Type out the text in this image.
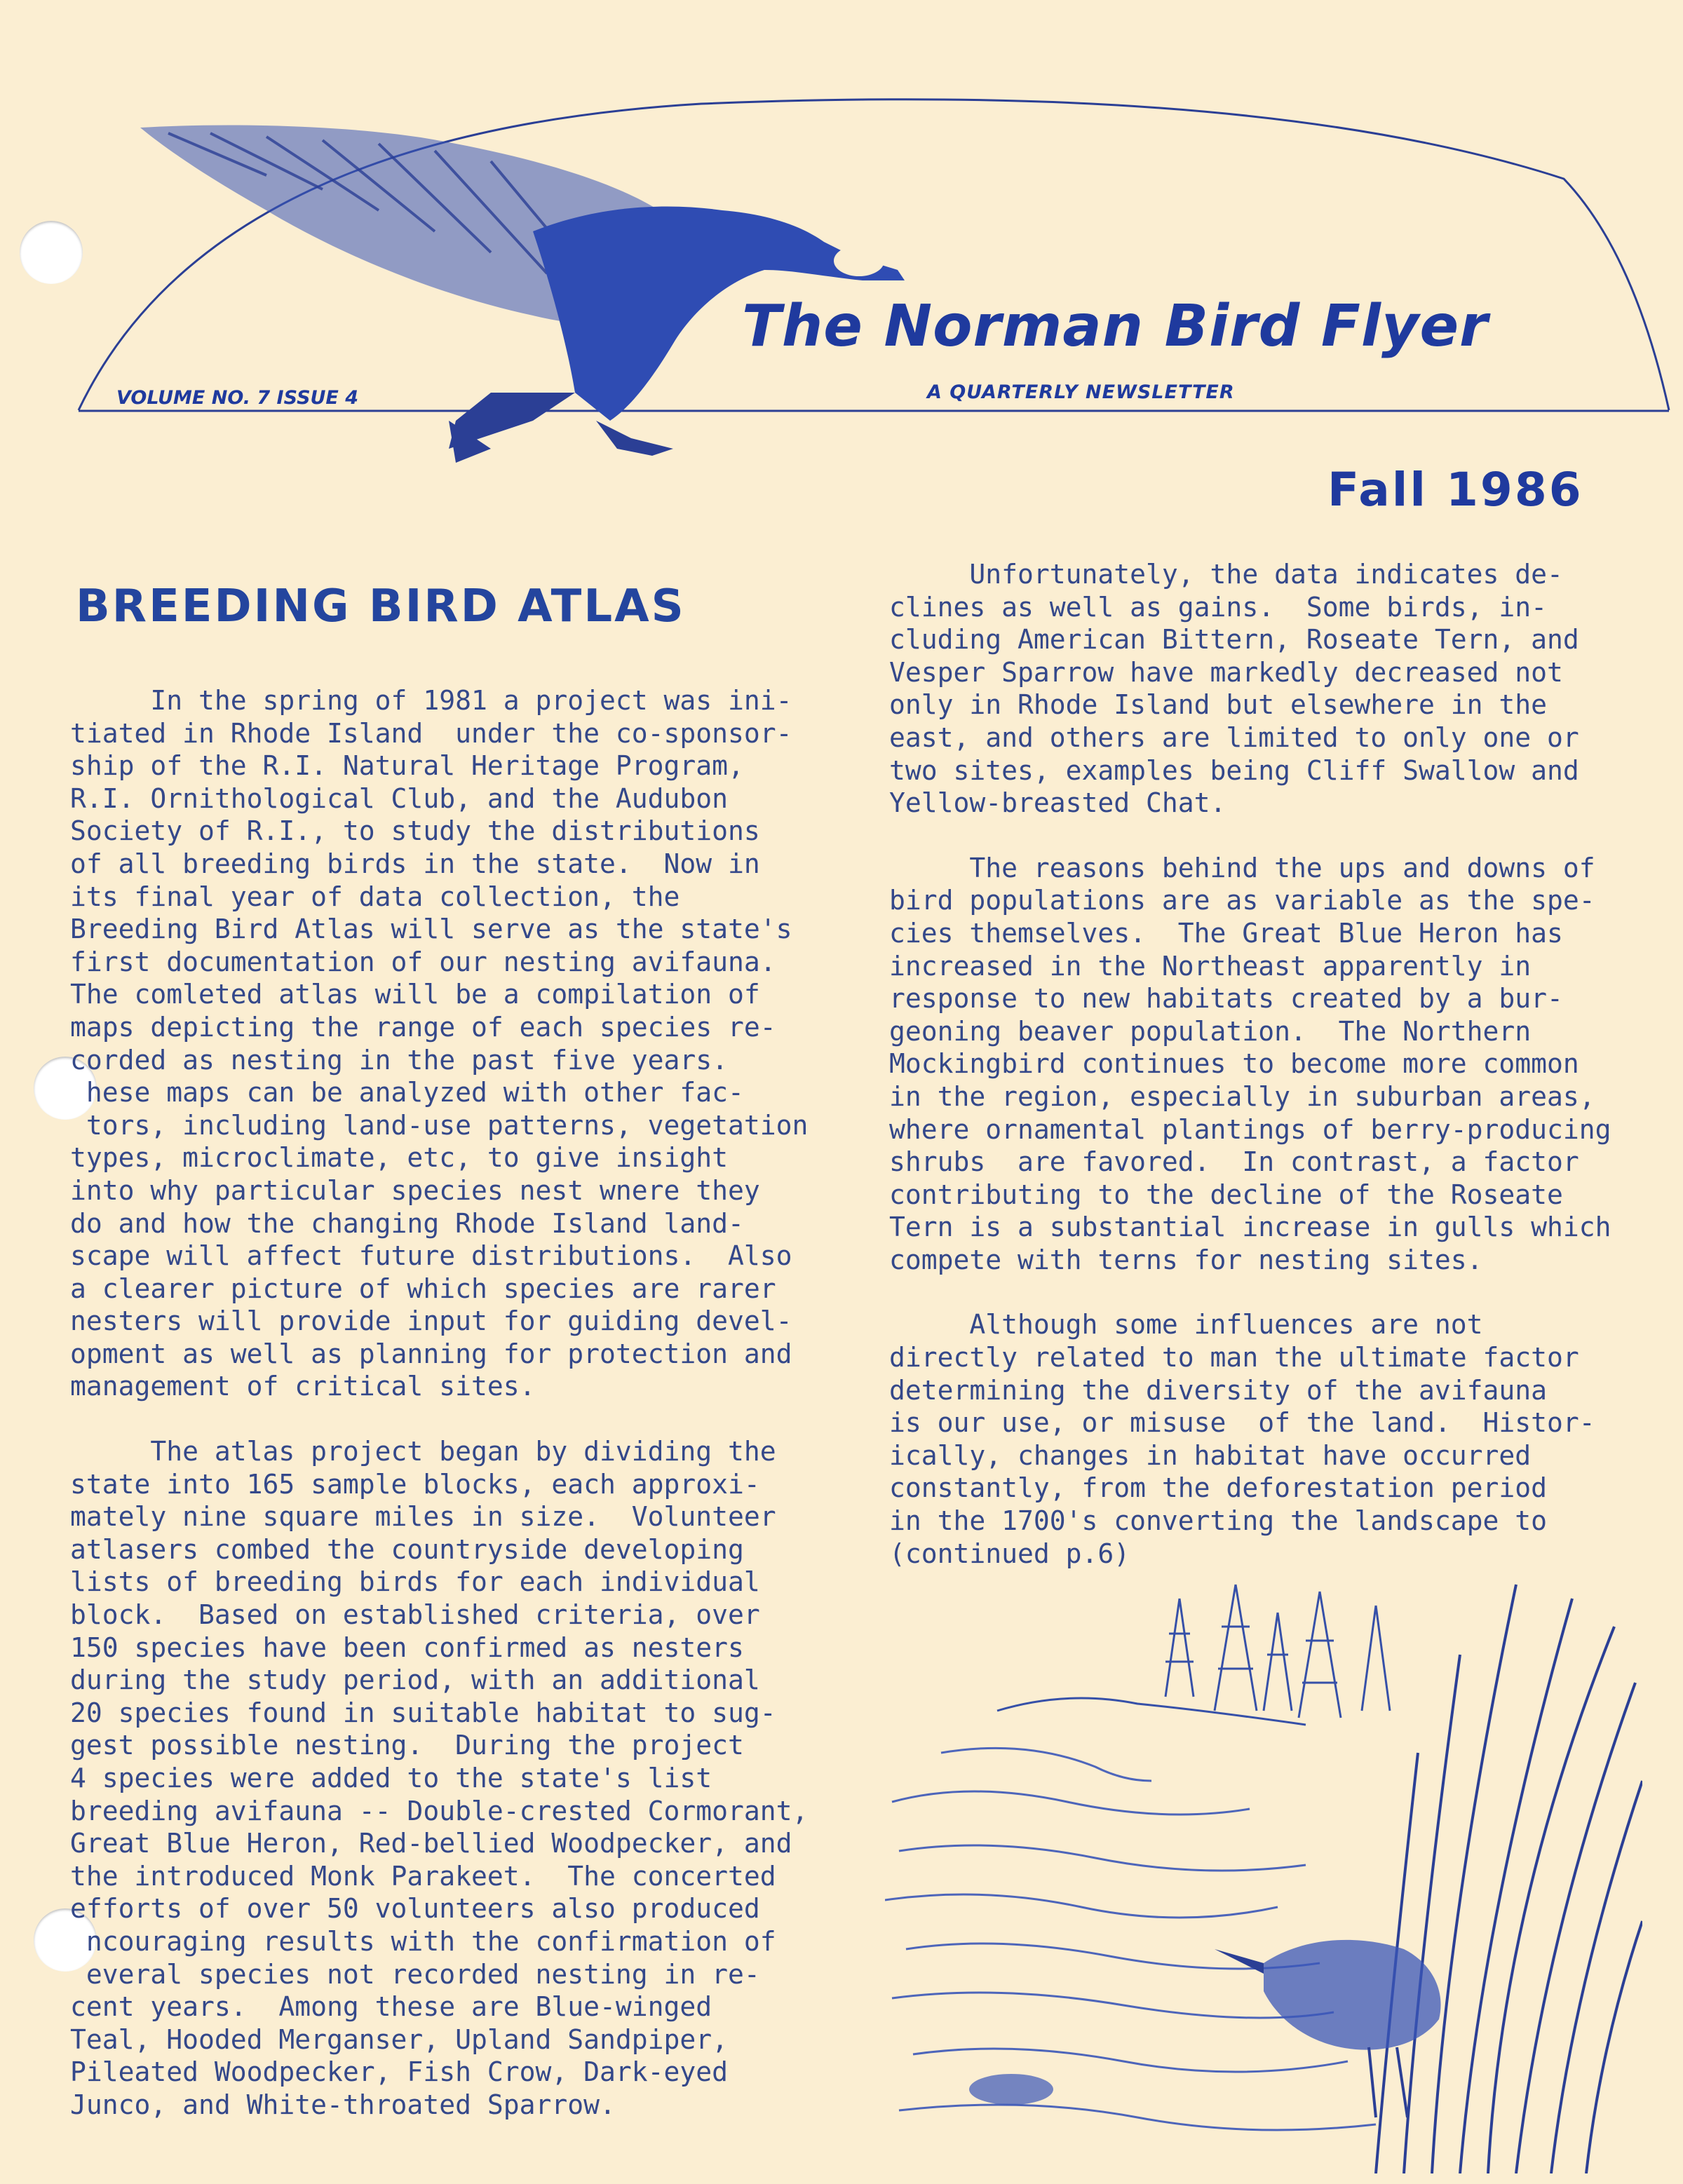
The Norman Bird Flyer
A QUARTERLY NEWSLETTER
VOLUME NO. 7 ISSUE 4
Fall 1986
BREEDING BIRD ATLAS

In the spring of 1981 a project was ini-

tiated in Rhode Island  under the co-sponsor-

ship of the R.I. Natural Heritage Program,

R.I. Ornithological Club, and the Audubon

Society of R.I., to study the distributions

of all breeding birds in the state.  Now in

its final year of data collection, the

Breeding Bird Atlas will serve as the state's

first documentation of our nesting avifauna.

The comleted atlas will be a compilation of

maps depicting the range of each species re-

corded as nesting in the past five years.

hese maps can be analyzed with other fac-

tors, including land-use patterns, vegetation

types, microclimate, etc, to give insight

into why particular species nest wnere they

do and how the changing Rhode Island land-

scape will affect future distributions.  Also

a clearer picture of which species are rarer

nesters will provide input for guiding devel-

opment as well as planning for protection and

management of critical sites.

The atlas project began by dividing the

state into 165 sample blocks, each approxi-

mately nine square miles in size.  Volunteer

atlasers combed the countryside developing

lists of breeding birds for each individual

block.  Based on established criteria, over

150 species have been confirmed as nesters

during the study period, with an additional

20 species found in suitable habitat to sug-

gest possible nesting.  During the project

4 species were added to the state's list

breeding avifauna -- Double-crested Cormorant,

Great Blue Heron, Red-bellied Woodpecker, and

the introduced Monk Parakeet.  The concerted

efforts of over 50 volunteers also produced

ncouraging results with the confirmation of

everal species not recorded nesting in re-

cent years.  Among these are Blue-winged

Teal, Hooded Merganser, Upland Sandpiper,

Pileated Woodpecker, Fish Crow, Dark-eyed

Junco, and White-throated Sparrow.

Unfortunately, the data indicates de-

clines as well as gains.  Some birds, in-

cluding American Bittern, Roseate Tern, and

Vesper Sparrow have markedly decreased not

only in Rhode Island but elsewhere in the

east, and others are limited to only one or

two sites, examples being Cliff Swallow and

Yellow-breasted Chat.

The reasons behind the ups and downs of

bird populations are as variable as the spe-

cies themselves.  The Great Blue Heron has

increased in the Northeast apparently in

response to new habitats created by a bur-

geoning beaver population.  The Northern

Mockingbird continues to become more common

in the region, especially in suburban areas,

where ornamental plantings of berry-producing

shrubs  are favored.  In contrast, a factor

contributing to the decline of the Roseate

Tern is a substantial increase in gulls which

compete with terns for nesting sites.

Although some influences are not

directly related to man the ultimate factor

determining the diversity of the avifauna

is our use, or misuse  of the land.  Histor-

ically, changes in habitat have occurred

constantly, from the deforestation period

in the 1700's converting the landscape to

(continued p.6)
